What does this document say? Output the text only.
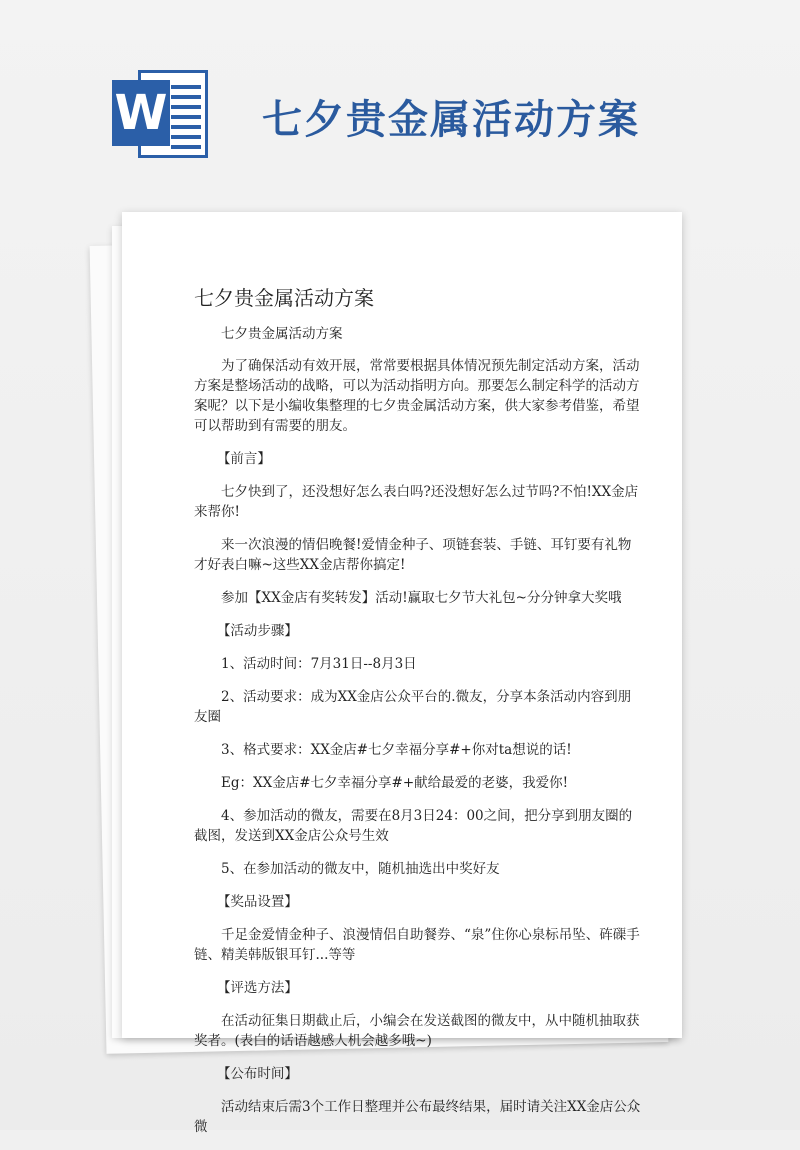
W 七夕贵金属活动方案
七夕贵金属活动方案

七夕贵金属活动方案

为了确保活动有效开展，常常要根据具体情况预先制定活动方案，活动方案是整场活动的战略，可以为活动指明方向。那要怎么制定科学的活动方案呢？以下是小编收集整理的七夕贵金属活动方案，供大家参考借鉴，希望可以帮助到有需要的朋友。

【前言】

七夕快到了，还没想好怎么表白吗?还没想好怎么过节吗?不怕!XX金店来帮你!

来一次浪漫的情侣晚餐!爱情金种子、项链套装、手链、耳钉要有礼物才好表白嘛~这些XX金店帮你搞定!

参加【XX金店有奖转发】活动!赢取七夕节大礼包~分分钟拿大奖哦

【活动步骤】

1、活动时间：7月31日--8月3日

2、活动要求：成为XX金店公众平台的.微友，分享本条活动内容到朋友圈

3、格式要求：XX金店#七夕幸福分享#+你对ta想说的话!

Eg：XX金店#七夕幸福分享#+献给最爱的老婆，我爱你!

4、参加活动的微友，需要在8月3日24：00之间，把分享到朋友圈的截图，发送到XX金店公众号生效

5、在参加活动的微友中，随机抽选出中奖好友

【奖品设置】

千足金爱情金种子、浪漫情侣自助餐券、“泉”住你心泉标吊坠、砗磲手链、精美韩版银耳钉...等等

【评选方法】

在活动征集日期截止后，小编会在发送截图的微友中，从中随机抽取获奖者。(表白的话语越感人机会越多哦~)

【公布时间】

活动结束后需3个工作日整理并公布最终结果，届时请关注XX金店公众微
